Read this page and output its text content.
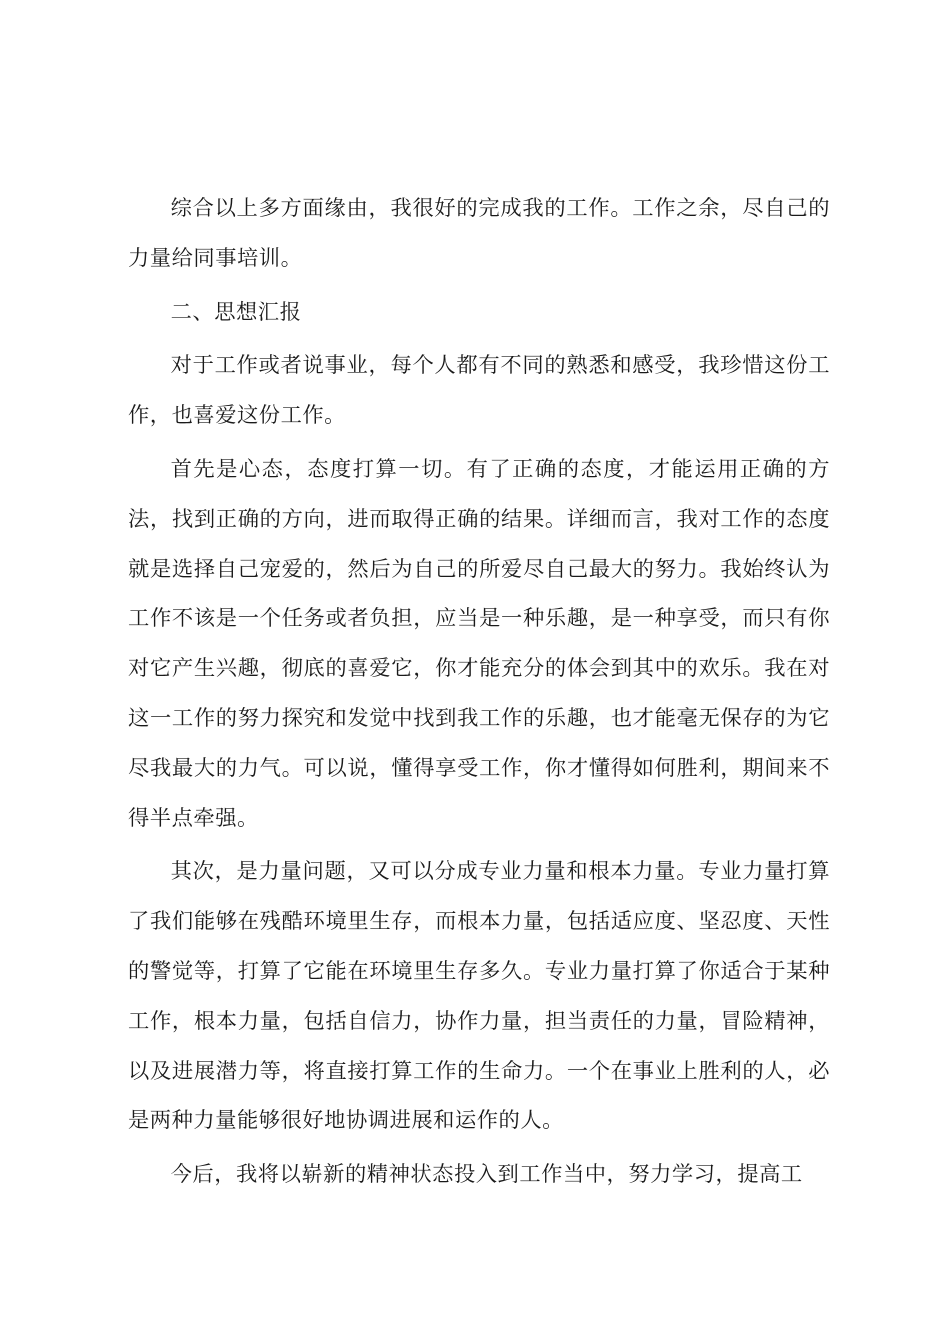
综合以上多方面缘由，我很好的完成我的工作。工作之余，尽自己的力量给同事培训。

二、思想汇报

对于工作或者说事业，每个人都有不同的熟悉和感受，我珍惜这份工作，也喜爱这份工作。

首先是心态，态度打算一切。有了正确的态度，才能运用正确的方法，找到正确的方向，进而取得正确的结果。详细而言，我对工作的态度就是选择自己宠爱的，然后为自己的所爱尽自己最大的努力。我始终认为工作不该是一个任务或者负担，应当是一种乐趣，是一种享受，而只有你对它产生兴趣，彻底的喜爱它，你才能充分的体会到其中的欢乐。我在对这一工作的努力探究和发觉中找到我工作的乐趣，也才能毫无保存的为它尽我最大的力气。可以说，懂得享受工作，你才懂得如何胜利，期间来不得半点牵强。

其次，是力量问题，又可以分成专业力量和根本力量。专业力量打算了我们能够在残酷环境里生存，而根本力量，包括适应度、坚忍度、天性的警觉等，打算了它能在环境里生存多久。专业力量打算了你适合于某种工作，根本力量，包括自信力，协作力量，担当责任的力量，冒险精神，以及进展潜力等，将直接打算工作的生命力。一个在事业上胜利的人，必是两种力量能够很好地协调进展和运作的人。

今后，我将以崭新的精神状态投入到工作当中，努力学习，提高工
